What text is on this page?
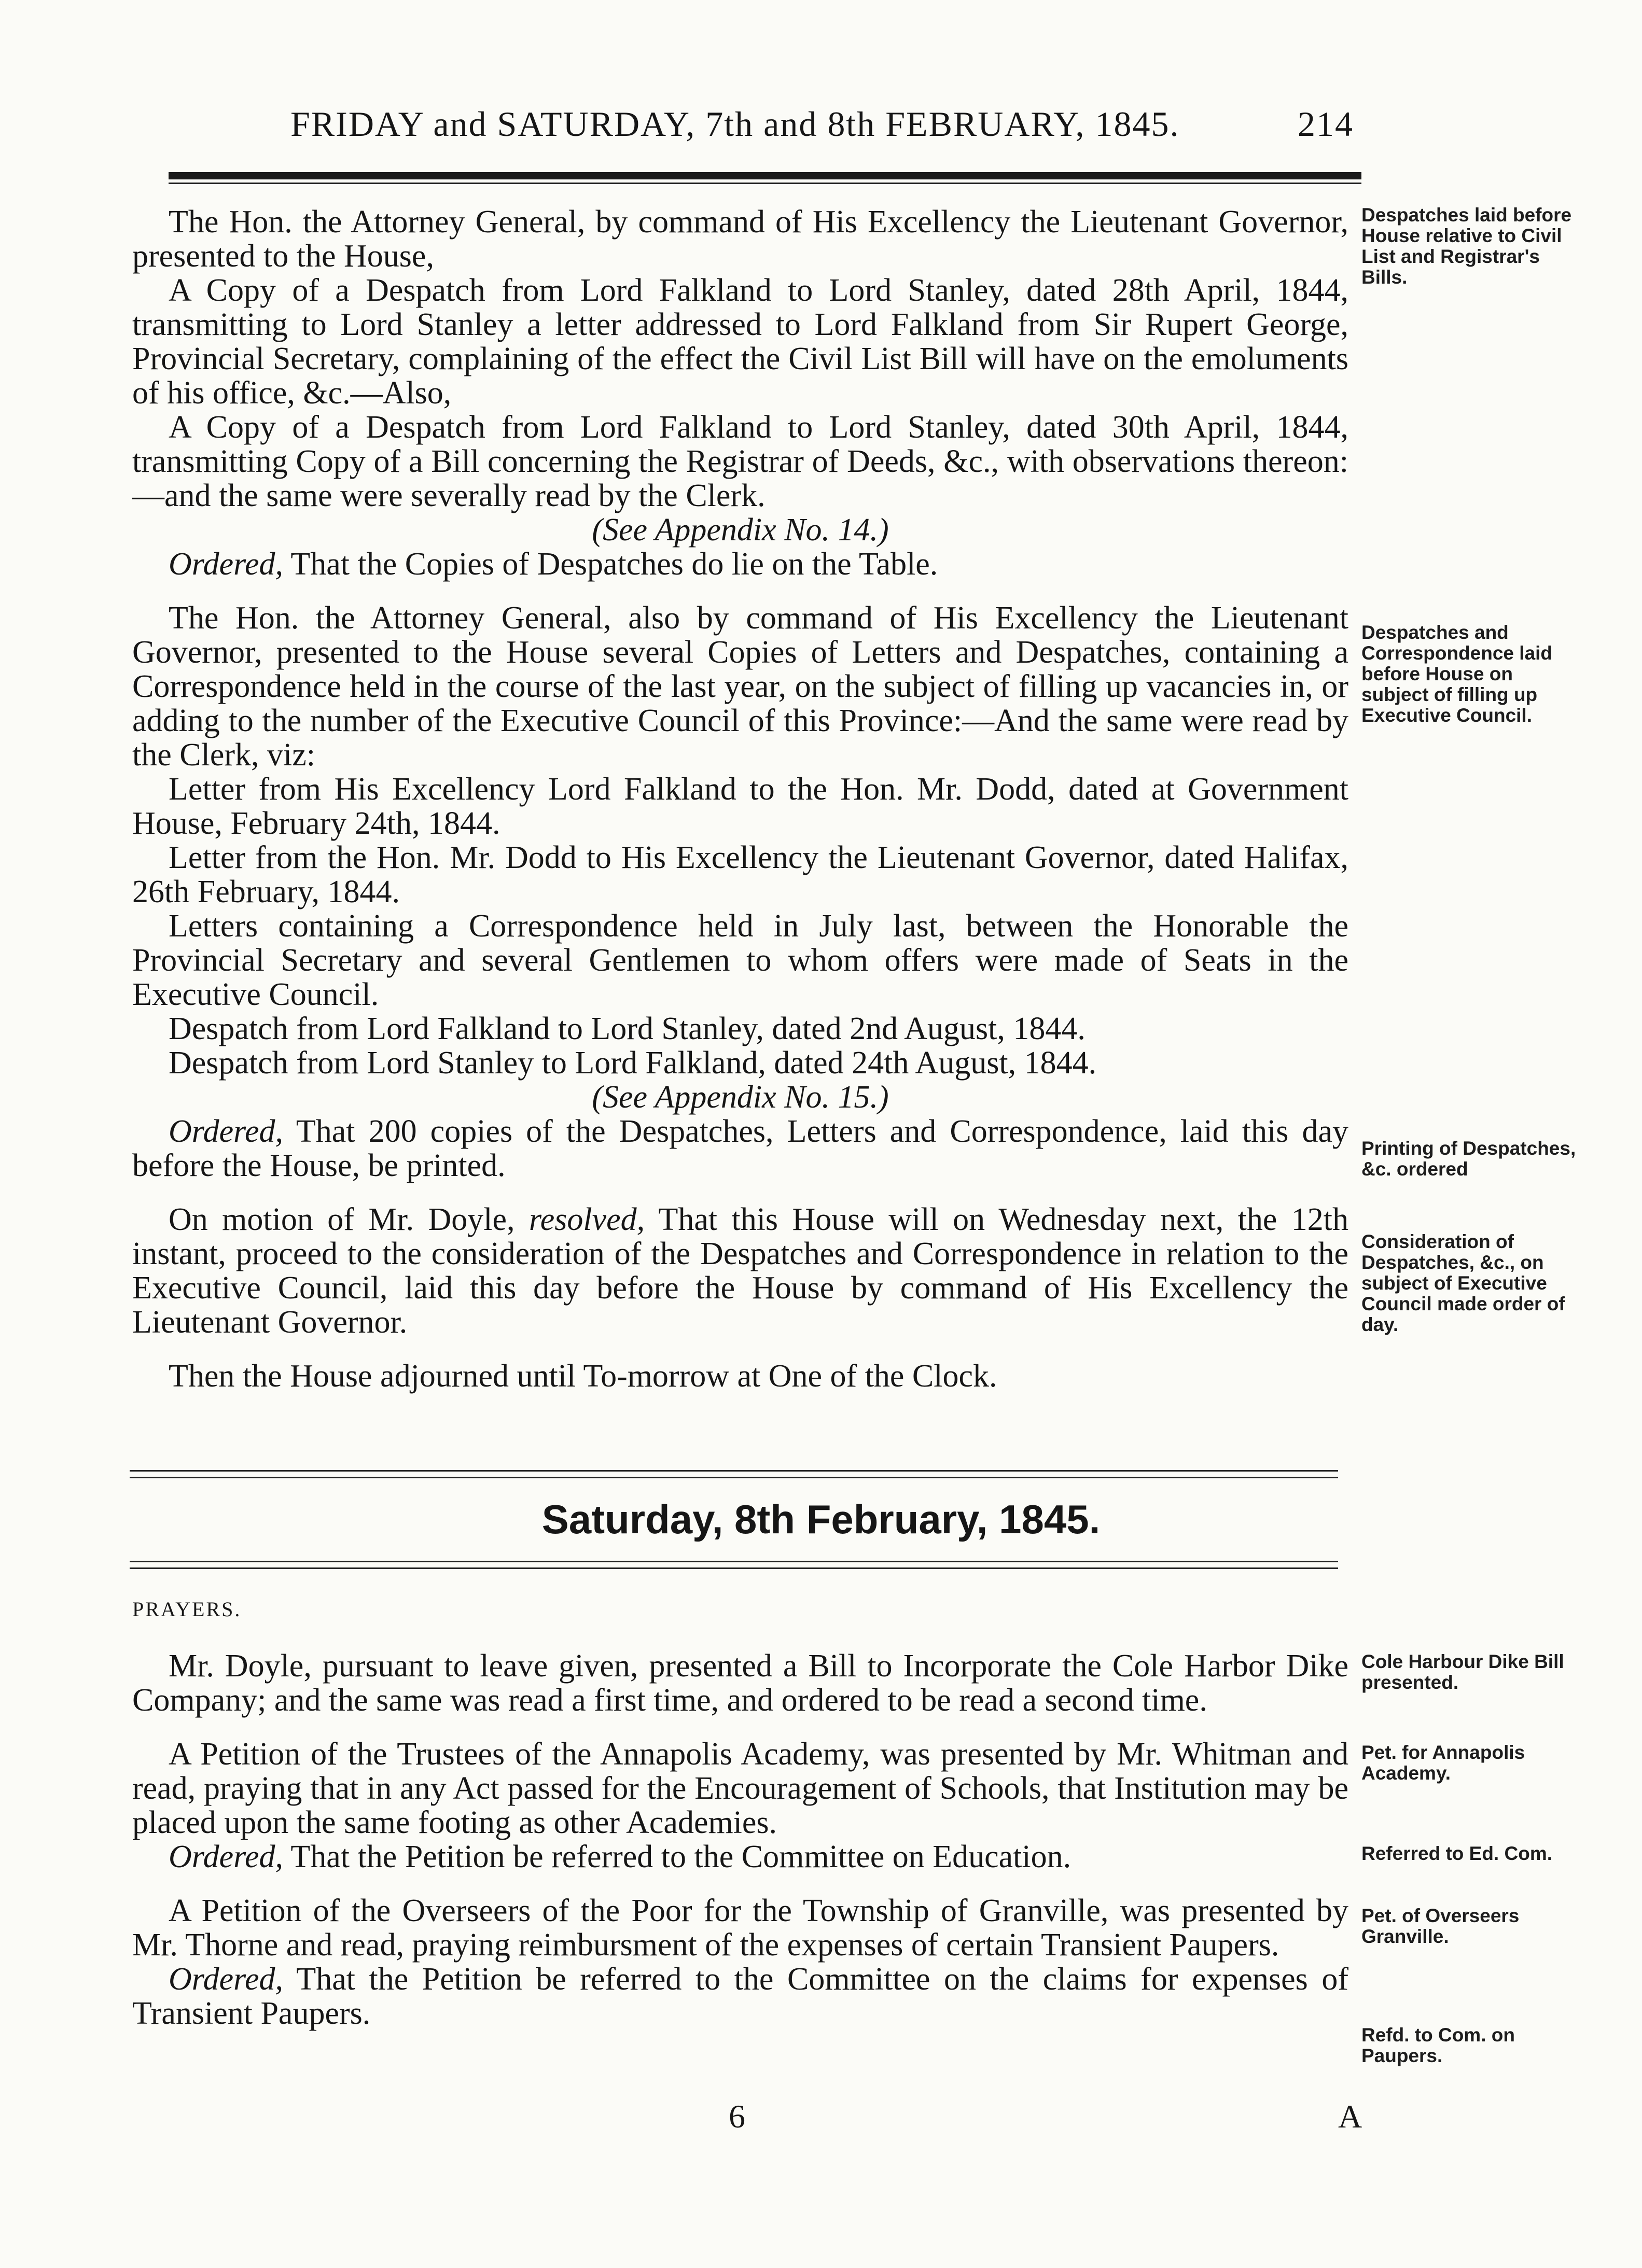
FRIDAY and SATURDAY, 7th and 8th FEBRUARY, 1845.	214

The Hon. the Attorney General, by command of His Excellency the Lieutenant Governor, presented to the House,

A Copy of a Despatch from Lord Falkland to Lord Stanley, dated 28th April, 1844, transmitting to Lord Stanley a letter addressed to Lord Falkland from Sir Rupert George, Provincial Secretary, complaining of the effect the Civil List Bill will have on the emoluments of his office, &c.—Also,

A Copy of a Despatch from Lord Falkland to Lord Stanley, dated 30th April, 1844, transmitting Copy of a Bill concerning the Registrar of Deeds, &c., with observations thereon:—and the same were severally read by the Clerk.

(See Appendix No. 14.)

Ordered, That the Copies of Despatches do lie on the Table.

The Hon. the Attorney General, also by command of His Excellency the Lieutenant Governor, presented to the House several Copies of Letters and Despatches, containing a Correspondence held in the course of the last year, on the subject of filling up vacancies in, or adding to the number of the Executive Council of this Province:—And the same were read by the Clerk, viz:

Letter from His Excellency Lord Falkland to the Hon. Mr. Dodd, dated at Government House, February 24th, 1844.

Letter from the Hon. Mr. Dodd to His Excellency the Lieutenant Governor, dated Halifax, 26th February, 1844.

Letters containing a Correspondence held in July last, between the Honorable the Provincial Secretary and several Gentlemen to whom offers were made of Seats in the Executive Council.

Despatch from Lord Falkland to Lord Stanley, dated 2nd August, 1844.

Despatch from Lord Stanley to Lord Falkland, dated 24th August, 1844.

(See Appendix No. 15.)

Ordered, That 200 copies of the Despatches, Letters and Correspondence, laid this day before the House, be printed.

On motion of Mr. Doyle, resolved, That this House will on Wednesday next, the 12th instant, proceed to the consideration of the Despatches and Correspondence in relation to the Executive Council, laid this day before the House by command of His Excellency the Lieutenant Governor.

Then the House adjourned until To-morrow at One of the Clock.

Saturday, 8th February, 1845.
PRAYERS.

Mr. Doyle, pursuant to leave given, presented a Bill to Incorporate the Cole Harbor Dike Company; and the same was read a first time, and ordered to be read a second time.

A Petition of the Trustees of the Annapolis Academy, was presented by Mr. Whitman and read, praying that in any Act passed for the Encouragement of Schools, that Institution may be placed upon the same footing as other Academies.

Ordered, That the Petition be referred to the Committee on Education.

A Petition of the Overseers of the Poor for the Township of Granville, was presented by Mr. Thorne and read, praying reimbursment of the expenses of certain Transient Paupers.

Ordered, That the Petition be referred to the Committee on the claims for expenses of Transient Paupers.

Despatches laid before House relative to Civil List and Registrar's Bills.
Despatches and Correspondence laid before House on subject of filling up Executive Council.
Printing of Despatches, &c. ordered
Consideration of Despatches, &c., on subject of Executive Council made order of day.
Cole Harbour Dike Bill presented.
Pet. for Annapolis Academy.
Referred to Ed. Com.
Pet. of Overseers Granville.
Refd. to Com. on Paupers.
6	A
